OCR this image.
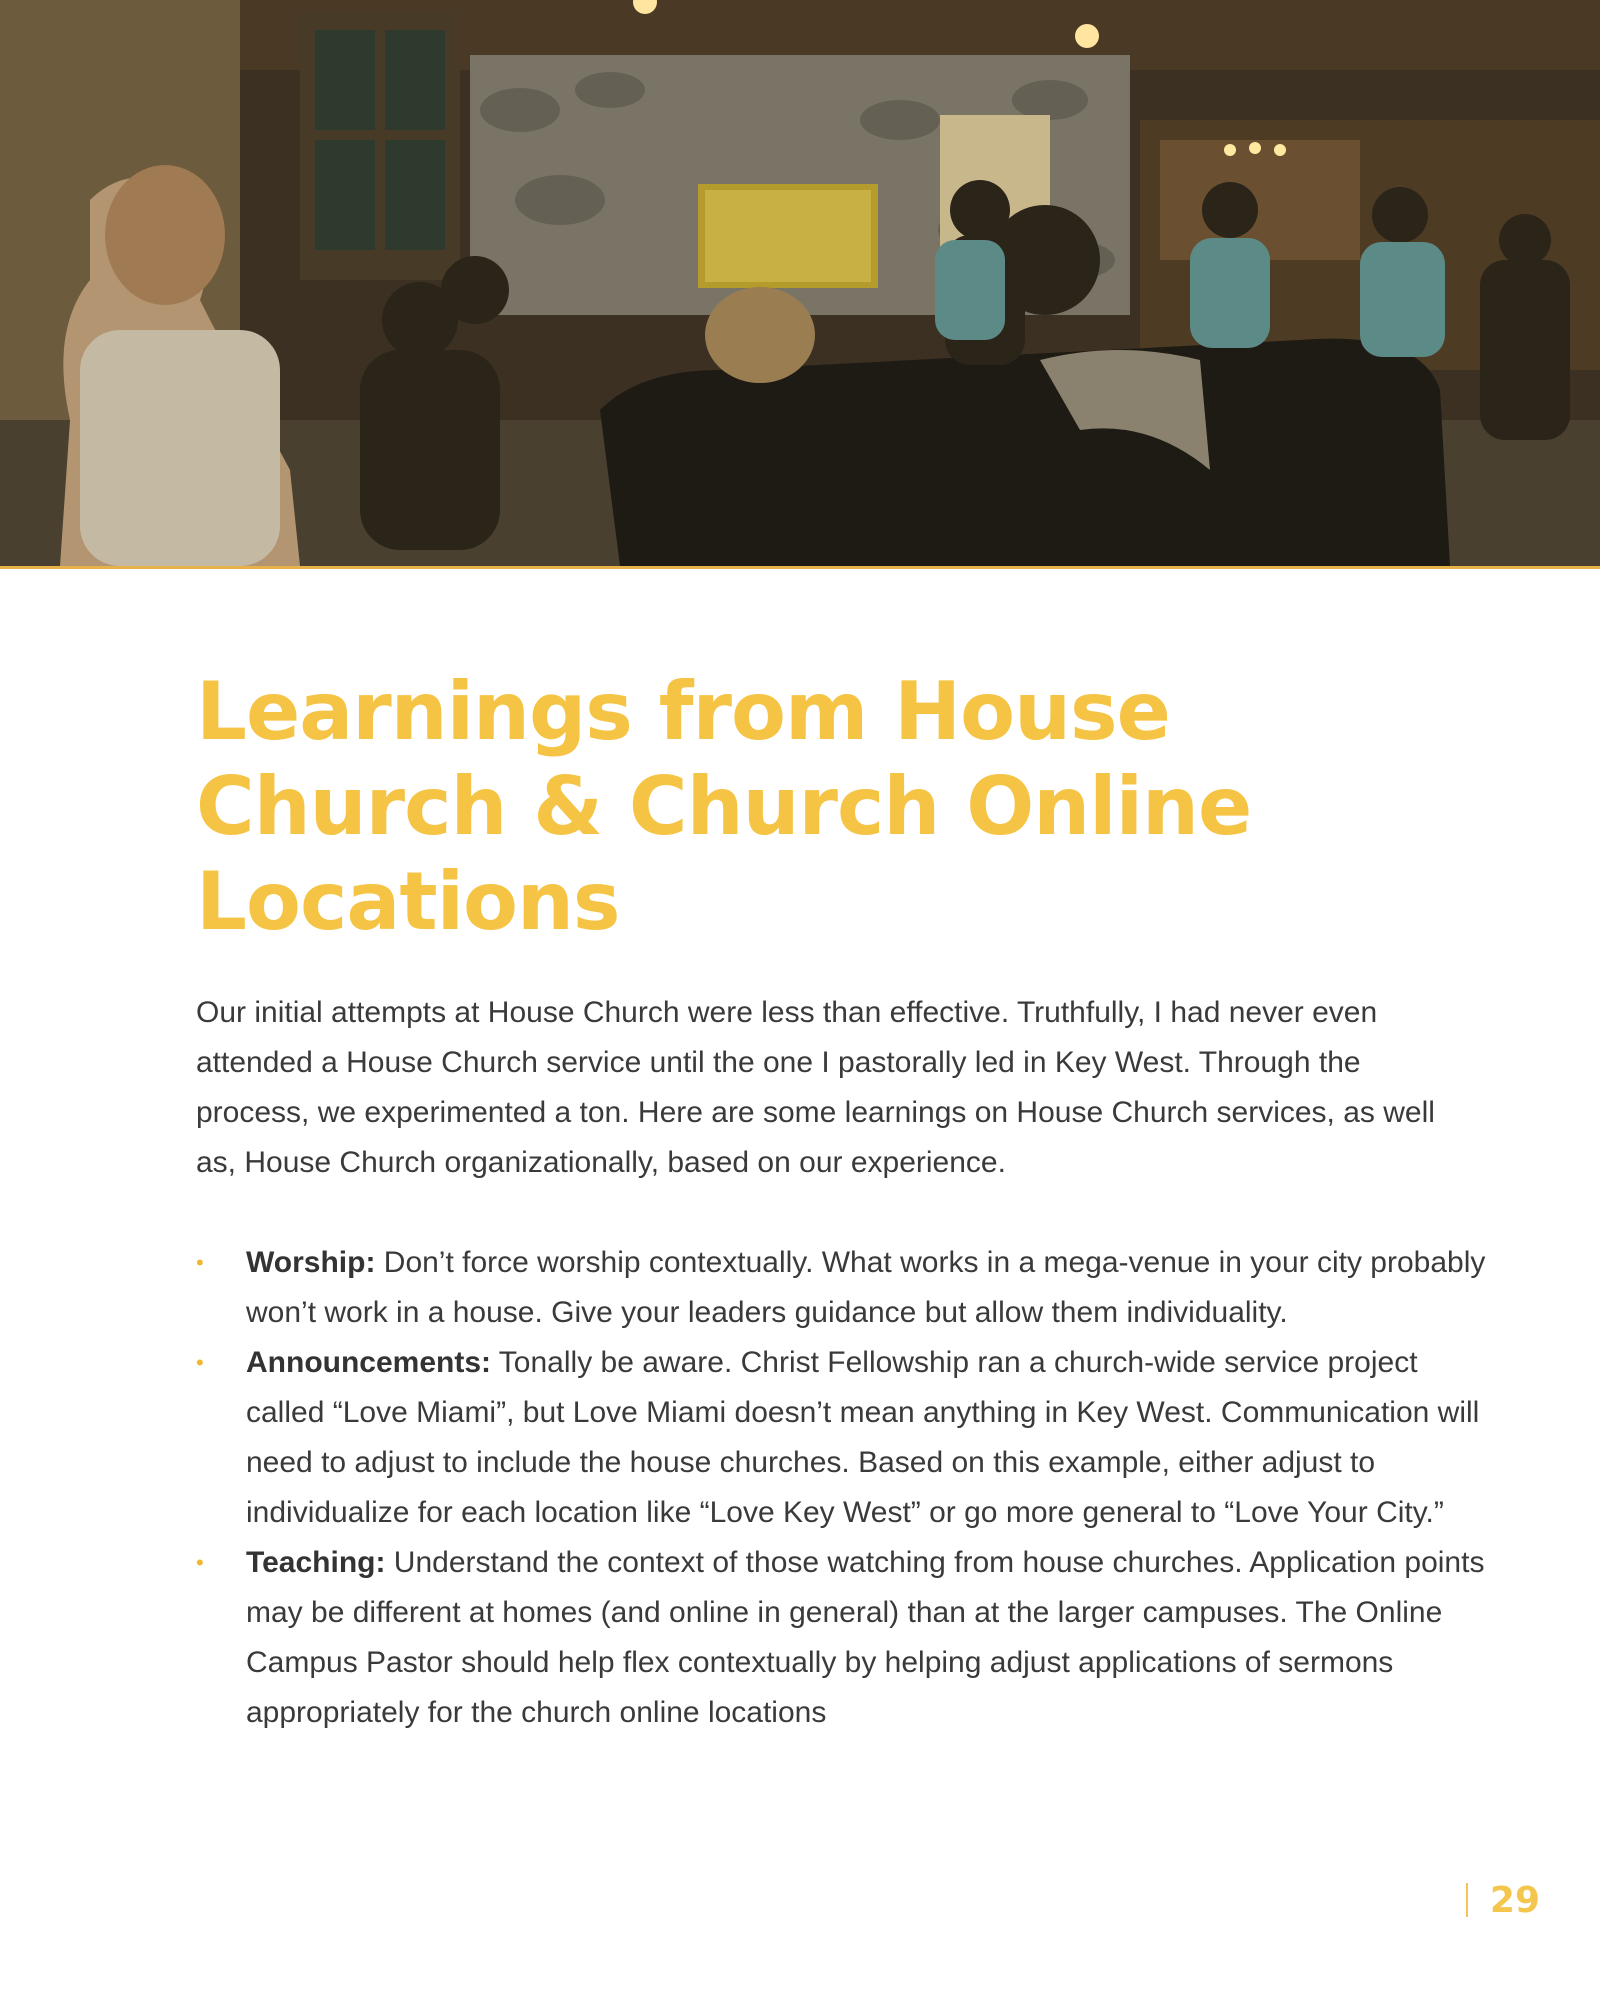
Learnings from House Church & Church Online Locations

Our initial attempts at House Church were less than effective. Truthfully, I had never even attended a House Church service until the one I pastorally led in Key West. Through the process, we experimented a ton. Here are some learnings on House Church services, as well as, House Church organizationally, based on our experience.

• Worship: Don’t force worship contextually. What works in a mega-venue in your city probably won’t work in a house. Give your leaders guidance but allow them individuality.
• Announcements: Tonally be aware. Christ Fellowship ran a church-wide service project called “Love Miami”, but Love Miami doesn’t mean anything in Key West. Communication will need to adjust to include the house churches. Based on this example, either adjust to individualize for each location like “Love Key West” or go more general to “Love Your City.”
• Teaching: Understand the context of those watching from house churches. Application points may be different at homes (and online in general) than at the larger campuses. The Online Campus Pastor should help flex contextually by helping adjust applications of sermons appropriately for the church online locations
29
